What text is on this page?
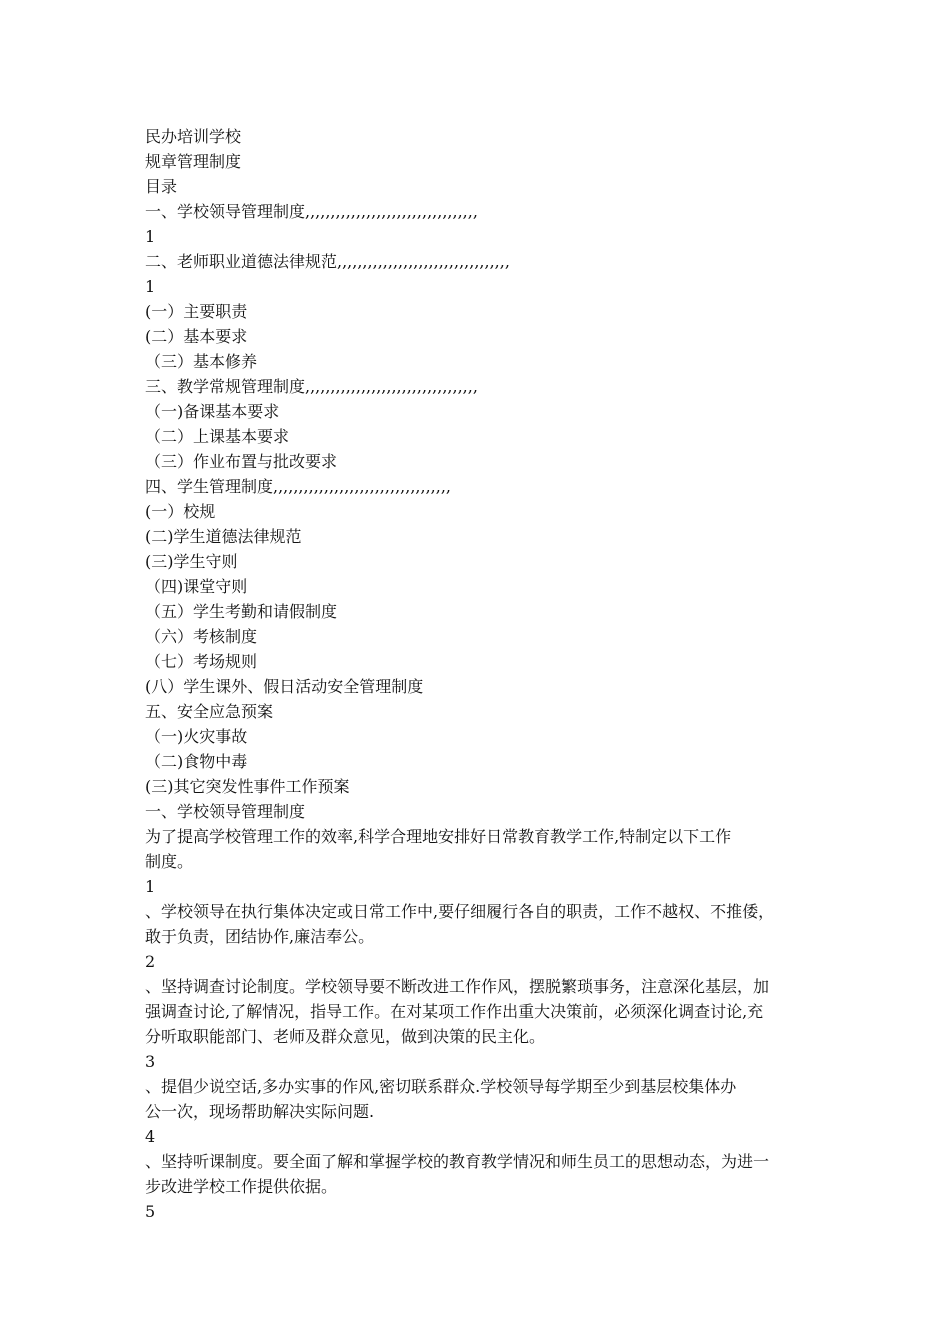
民办培训学校
规章管理制度
目录
一、学校领导管理制度,,,,,,,,,,,,,,,,,,,,,,,,,,,,,,,,,,
1
二、老师职业道德法律规范,,,,,,,,,,,,,,,,,,,,,,,,,,,,,,,,,,
1
(一）主要职责
(二）基本要求
（三）基本修养
三、教学常规管理制度,,,,,,,,,,,,,,,,,,,,,,,,,,,,,,,,,,
（一)备课基本要求
（二）上课基本要求
（三）作业布置与批改要求
四、学生管理制度,,,,,,,,,,,,,,,,,,,,,,,,,,,,,,,,,,,
(一）校规
(二)学生道德法律规范
(三)学生守则
（四)课堂守则
（五）学生考勤和请假制度
（六）考核制度
（七）考场规则
(八）学生课外、假日活动安全管理制度
五、安全应急预案
（一)火灾事故
（二)食物中毒
(三)其它突发性事件工作预案
一、学校领导管理制度
为了提高学校管理工作的效率,科学合理地安排好日常教育教学工作,特制定以下工作
制度。
1
、学校领导在执行集体决定或日常工作中,要仔细履行各自的职责，工作不越权、不推倭，
敢于负责，团结协作,廉洁奉公。
2
、坚持调查讨论制度。学校领导要不断改进工作作风，摆脱繁琐事务，注意深化基层，加
强调查讨论,了解情况，指导工作。在对某项工作作出重大决策前，必须深化调查讨论,充
分听取职能部门、老师及群众意见，做到决策的民主化。
3
、提倡少说空话,多办实事的作风,密切联系群众.学校领导每学期至少到基层校集体办
公一次，现场帮助解决实际问题.
4
、坚持听课制度。要全面了解和掌握学校的教育教学情况和师生员工的思想动态，为进一
步改进学校工作提供依据。
5
